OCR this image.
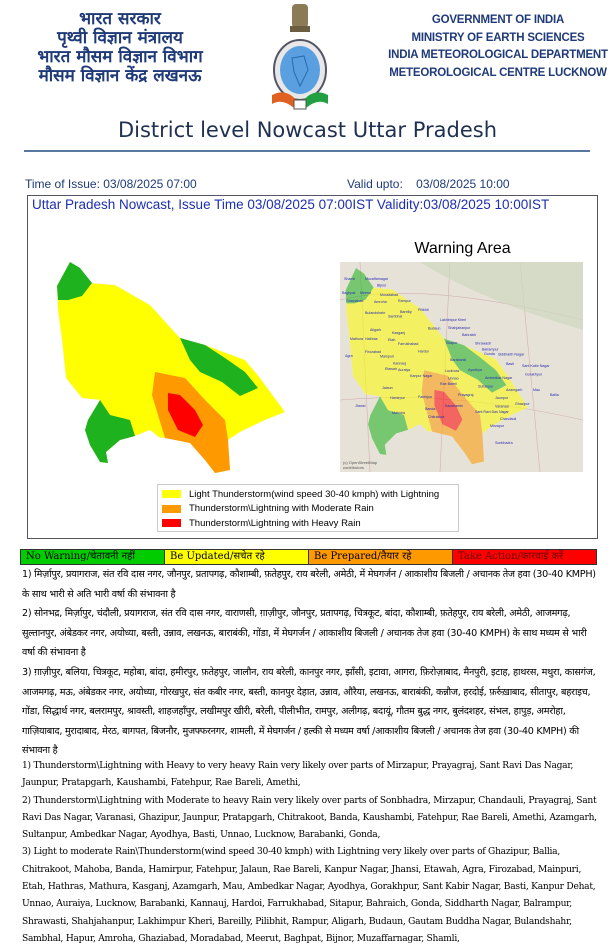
भारत सरकार
पृथ्वी विज्ञान मंत्रालय
भारत मौसम विज्ञान विभाग
मौसम विज्ञान केंद्र लखनऊ
GOVERNMENT OF INDIA
MINISTRY OF EARTH SCIENCES
INDIA METEOROLOGICAL DEPARTMENT
METEOROLOGICAL CENTRE LUCKNOW
District level Nowcast Uttar Pradesh
Time of Issue: 03/08/2025 07:00	Valid upto:    03/08/2025 10:00
Uttar Pradesh Nowcast, Issue Time 03/08/2025 07:00IST Validity:03/08/2025 10:00IST
Warning Area
Shamli	Muzaffarnagar
Bijnor
Baghpat Meerut Moradabad
Rampur
Ghaziabad	Amroha
Bareilly Pilibhit
Bulandshahr
Sambhal
Lakhimpur Kheri
Budaun Shahjahanpur
Aligarh
Kasganj
Mathura Hathras	Etah
Bahraich
Shrawasti
Farrukhabad
Hardoi
Sitapur
Balrampur
Siddharth Nagar
Agra
Firozabad
Mainpuri
Gonda
Kannauj
Barabanki
Basti Sant Kabir Nagar
Gorakhpur
Etawah Auraiya	Lucknow Ayodhya
Unnao
Kanpur Nagar	Ambedkar Nagar
Rae Bareli
Sultanpur
Jalaun	Azamgarh	Mau
Ballia
Hamirpur	Fatehpur	Prayagraj
Jaunpur
Ghazipur
Jhansi	Kaushambi
Mahoba
Banda
Sant Ravi Das Nagar
Varanasi
Chitrakoot	Chandauli
Mirzapur
Sonbhadra
(c) OpenStreetMap contributors
Light Thunderstorm(wind speed 30-40 kmph) with Lightning
Thunderstorm\Lightning with Moderate Rain
Thunderstorm\Lightning with Heavy Rain
No Warning/चेतावनी नहीं	Be Updated/सचेत रहे	Be Prepared/तैयार रहे	Take Action/कारवाई करें

1) मिर्ज़ापुर, प्रयागराज, संत रवि दास नगर, जौनपुर, प्रतापगढ़, कौशाम्बी, फ़तेहपुर, राय बरेली, अमेठी, में मेघगर्जन / आकाशीय बिजली / अचानक तेज हवा (30-40 KMPH) के साथ भारी से अति भारी वर्षा की संभावना है

2) सोनभद्र, मिर्ज़ापुर, चंदौली, प्रयागराज, संत रवि दास नगर, वाराणसी, ग़ाज़ीपुर, जौनपुर, प्रतापगढ़, चित्रकूट, बांदा, कौशाम्बी, फ़तेहपुर, राय बरेली, अमेठी, आजमगढ़, सुल्तानपुर, अंबेडकर नगर, अयोध्या, बस्ती, उन्नाव, लखनऊ, बाराबंकी, गोंडा, में मेघगर्जन / आकाशीय बिजली / अचानक तेज हवा (30-40 KMPH) के साथ मध्यम से भारी वर्षा की संभावना है

3) ग़ाज़ीपुर, बलिया, चित्रकूट, महोबा, बांदा, हमीरपुर, फ़तेहपुर, जालौन, राय बरेली, कानपुर नगर, झाँसी, इटावा, आगरा, फ़िरोज़ाबाद, मैनपुरी, इटाह, हाथरस, मथुरा, कासगंज, आजमगढ़, मऊ, अंबेडकर नगर, अयोध्या, गोरखपुर, संत कबीर नगर, बस्ती, कानपुर देहात, उन्नाव, औरैया, लखनऊ, बाराबंकी, कन्नौज, हरदोई, फ़र्रुख़ाबाद, सीतापुर, बहराइच, गोंडा, सिद्धार्थ नगर, बलरामपुर, श्रावस्ती, शाहजहाँपुर, लखीमपुर खीरी, बरेली, पीलीभीत, रामपुर, अलीगढ़, बदायूं, गौतम बुद्ध नगर, बुलंदशहर, संभल, हापुड़, अमरोहा, गाज़ियाबाद, मुरादाबाद, मेरठ, बागपत, बिजनौर, मुजफ्फरनगर, शामली, में मेघगर्जन / हल्की से मध्यम वर्षा /आकाशीय बिजली / अचानक तेज हवा (30-40 KMPH) की संभावना है

1) Thunderstorm\Lightning with Heavy to very heavy Rain very likely over parts of Mirzapur, Prayagraj, Sant Ravi Das Nagar, Jaunpur, Pratapgarh, Kaushambi, Fatehpur, Rae Bareli, Amethi,

2) Thunderstorm\Lightning with Moderate to heavy Rain very likely over parts of Sonbhadra, Mirzapur, Chandauli, Prayagraj, Sant Ravi Das Nagar, Varanasi, Ghazipur, Jaunpur, Pratapgarh, Chitrakoot, Banda, Kaushambi, Fatehpur, Rae Bareli, Amethi, Azamgarh, Sultanpur, Ambedkar Nagar, Ayodhya, Basti, Unnao, Lucknow, Barabanki, Gonda,

3) Light to moderate Rain\Thunderstorm(wind speed 30-40 kmph) with Lightning very likely over parts of Ghazipur, Ballia, Chitrakoot, Mahoba, Banda, Hamirpur, Fatehpur, Jalaun, Rae Bareli, Kanpur Nagar, Jhansi, Etawah, Agra, Firozabad, Mainpuri, Etah, Hathras, Mathura, Kasganj, Azamgarh, Mau, Ambedkar Nagar, Ayodhya, Gorakhpur, Sant Kabir Nagar, Basti, Kanpur Dehat, Unnao, Auraiya, Lucknow, Barabanki, Kannauj, Hardoi, Farrukhabad, Sitapur, Bahraich, Gonda, Siddharth Nagar, Balrampur, Shrawasti, Shahjahanpur, Lakhimpur Kheri, Bareilly, Pilibhit, Rampur, Aligarh, Budaun, Gautam Buddha Nagar, Bulandshahr, Sambhal, Hapur, Amroha, Ghaziabad, Moradabad, Meerut, Baghpat, Bijnor, Muzaffarnagar, Shamli,
